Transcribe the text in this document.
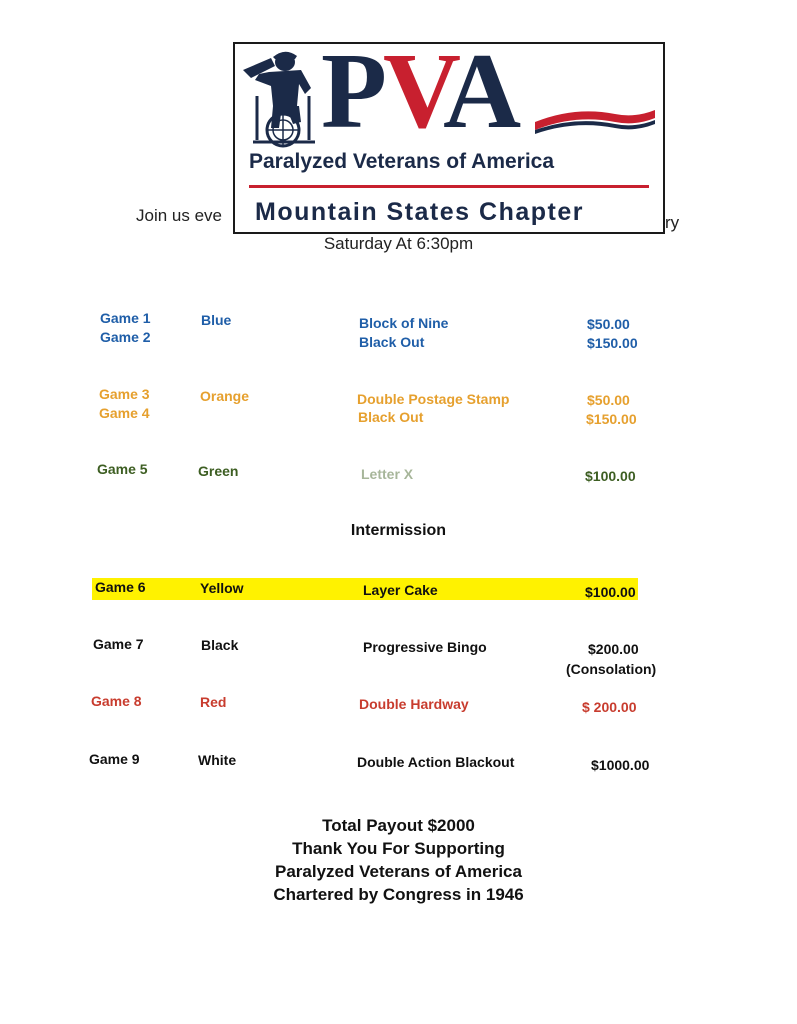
Join us eve	ry
PVA
Paralyzed Veterans of America
Mountain States Chapter
Saturday At 6:30pm
Game 1	Blue	Block of Nine	$50.00
Game 2	Black Out	$150.00
Game 3	Orange	Double Postage Stamp	$50.00
Game 4	Black Out	$150.00
Game 5	Green	Letter X	$100.00
Intermission
Game 6	Yellow	Layer Cake	$100.00
Game 7	Black	Progressive Bingo	$200.00
(Consolation)
Game 8	Red	Double Hardway	$ 200.00
Game 9	White	Double Action Blackout	$1000.00
Total Payout $2000
Thank You For Supporting
Paralyzed Veterans of America
Chartered by Congress in 1946
